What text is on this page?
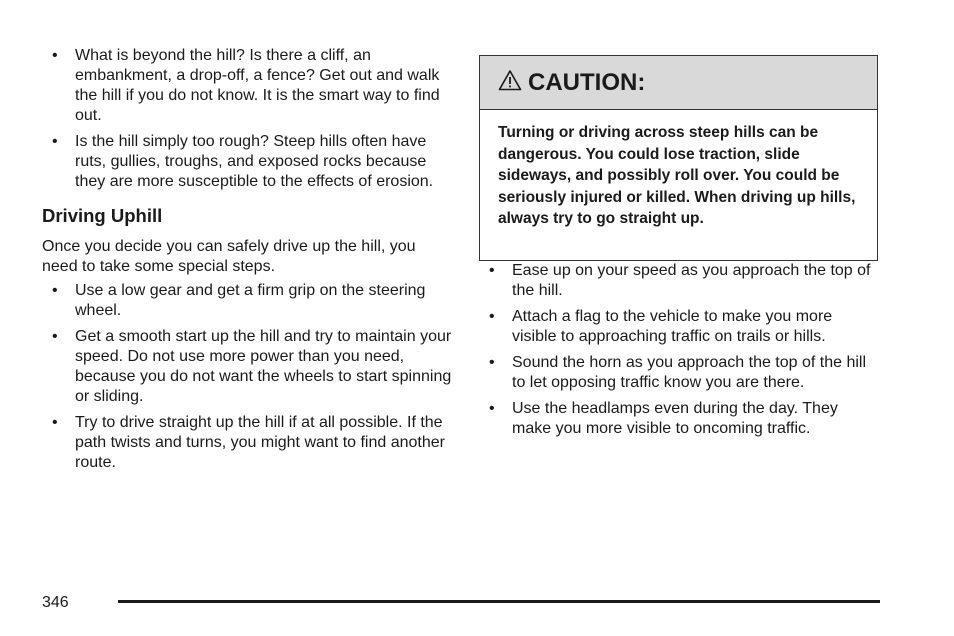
• What is beyond the hill? Is there a cliff, an embankment, a drop-off, a fence? Get out and walk the hill if you do not know. It is the smart way to find out.
• Is the hill simply too rough? Steep hills often have ruts, gullies, troughs, and exposed rocks because they are more susceptible to the effects of erosion.
Driving Uphill

Once you decide you can safely drive up the hill, you need to take some special steps.

• Use a low gear and get a firm grip on the steering wheel.
• Get a smooth start up the hill and try to maintain your speed. Do not use more power than you need, because you do not want the wheels to start spinning or sliding.
• Try to drive straight up the hill if at all possible. If the path twists and turns, you might want to find another route.
CAUTION:
Turning or driving across steep hills can be dangerous. You could lose traction, slide sideways, and possibly roll over. You could be seriously injured or killed. When driving up hills, always try to go straight up.
• Ease up on your speed as you approach the top of the hill.
• Attach a flag to the vehicle to make you more visible to approaching traffic on trails or hills.
• Sound the horn as you approach the top of the hill to let opposing traffic know you are there.
• Use the headlamps even during the day. They make you more visible to oncoming traffic.
346
